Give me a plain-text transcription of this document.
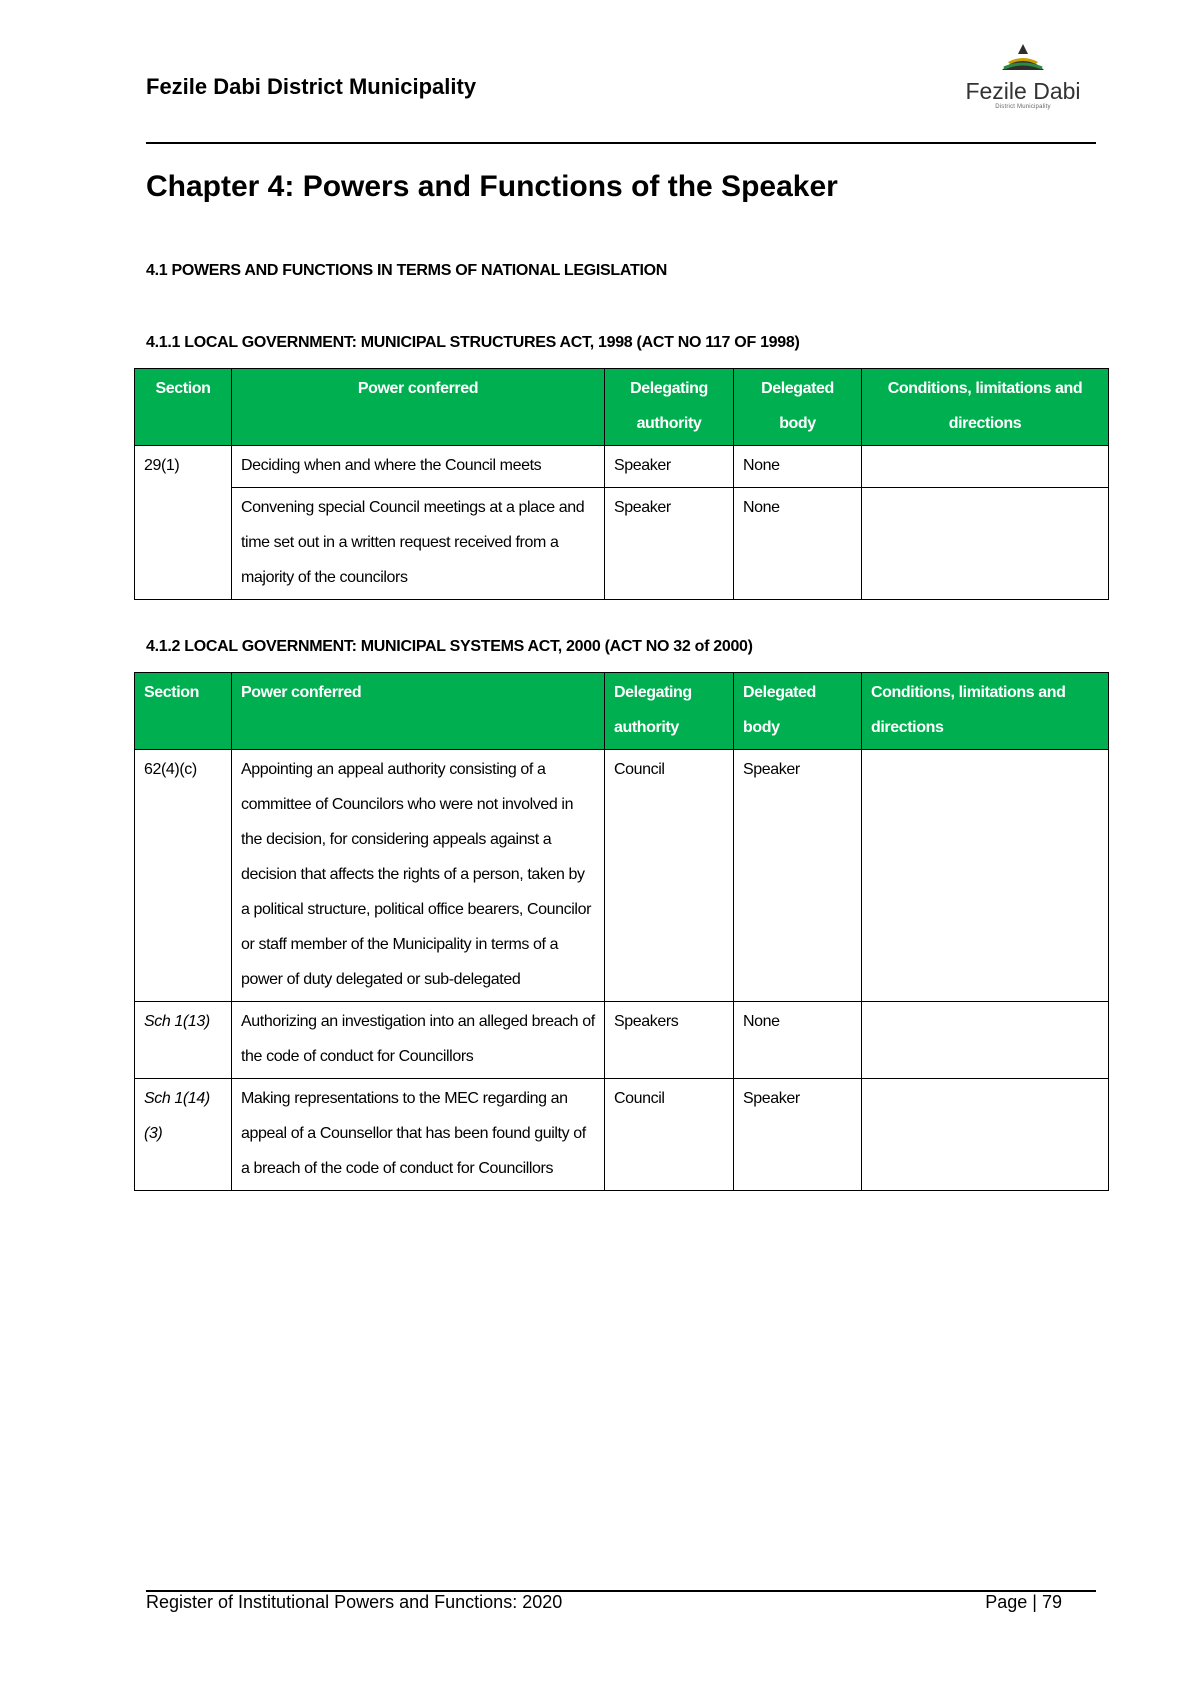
Fezile Dabi District Municipality	Fezile Dabi
District Municipality
Chapter 4: Powers and Functions of the Speaker
4.1 POWERS AND FUNCTIONS IN TERMS OF NATIONAL LEGISLATION
4.1.1 LOCAL GOVERNMENT: MUNICIPAL STRUCTURES ACT, 1998 (ACT NO 117 OF 1998)
Section	Power conferred	Delegating authority	Delegated body	Conditions, limitations and directions
29(1)	Deciding when and where the Council meets	Speaker	None	
	Convening special Council meetings at a place and time set out in a written request received from a majority of the councilors	Speaker	None	
4.1.2 LOCAL GOVERNMENT: MUNICIPAL SYSTEMS ACT, 2000 (ACT NO 32 of 2000)
Section	Power conferred	Delegating authority	Delegated body	Conditions, limitations and directions
62(4)(c)	Appointing an appeal authority consisting of a committee of Councilors who were not involved in the decision, for considering appeals against a decision that affects the rights of a person, taken by a political structure, political office bearers, Councilor or staff member of the Municipality in terms of a power of duty delegated or sub-delegated	Council	Speaker	
Sch 1(13)	Authorizing an investigation into an alleged breach of the code of conduct for Councillors	Speakers	None	
Sch 1(14)(3)	Making representations to the MEC regarding an appeal of a Counsellor that has been found guilty of a breach of the code of conduct for Councillors	Council	Speaker	
Register of Institutional Powers and Functions: 2020	Page | 79
